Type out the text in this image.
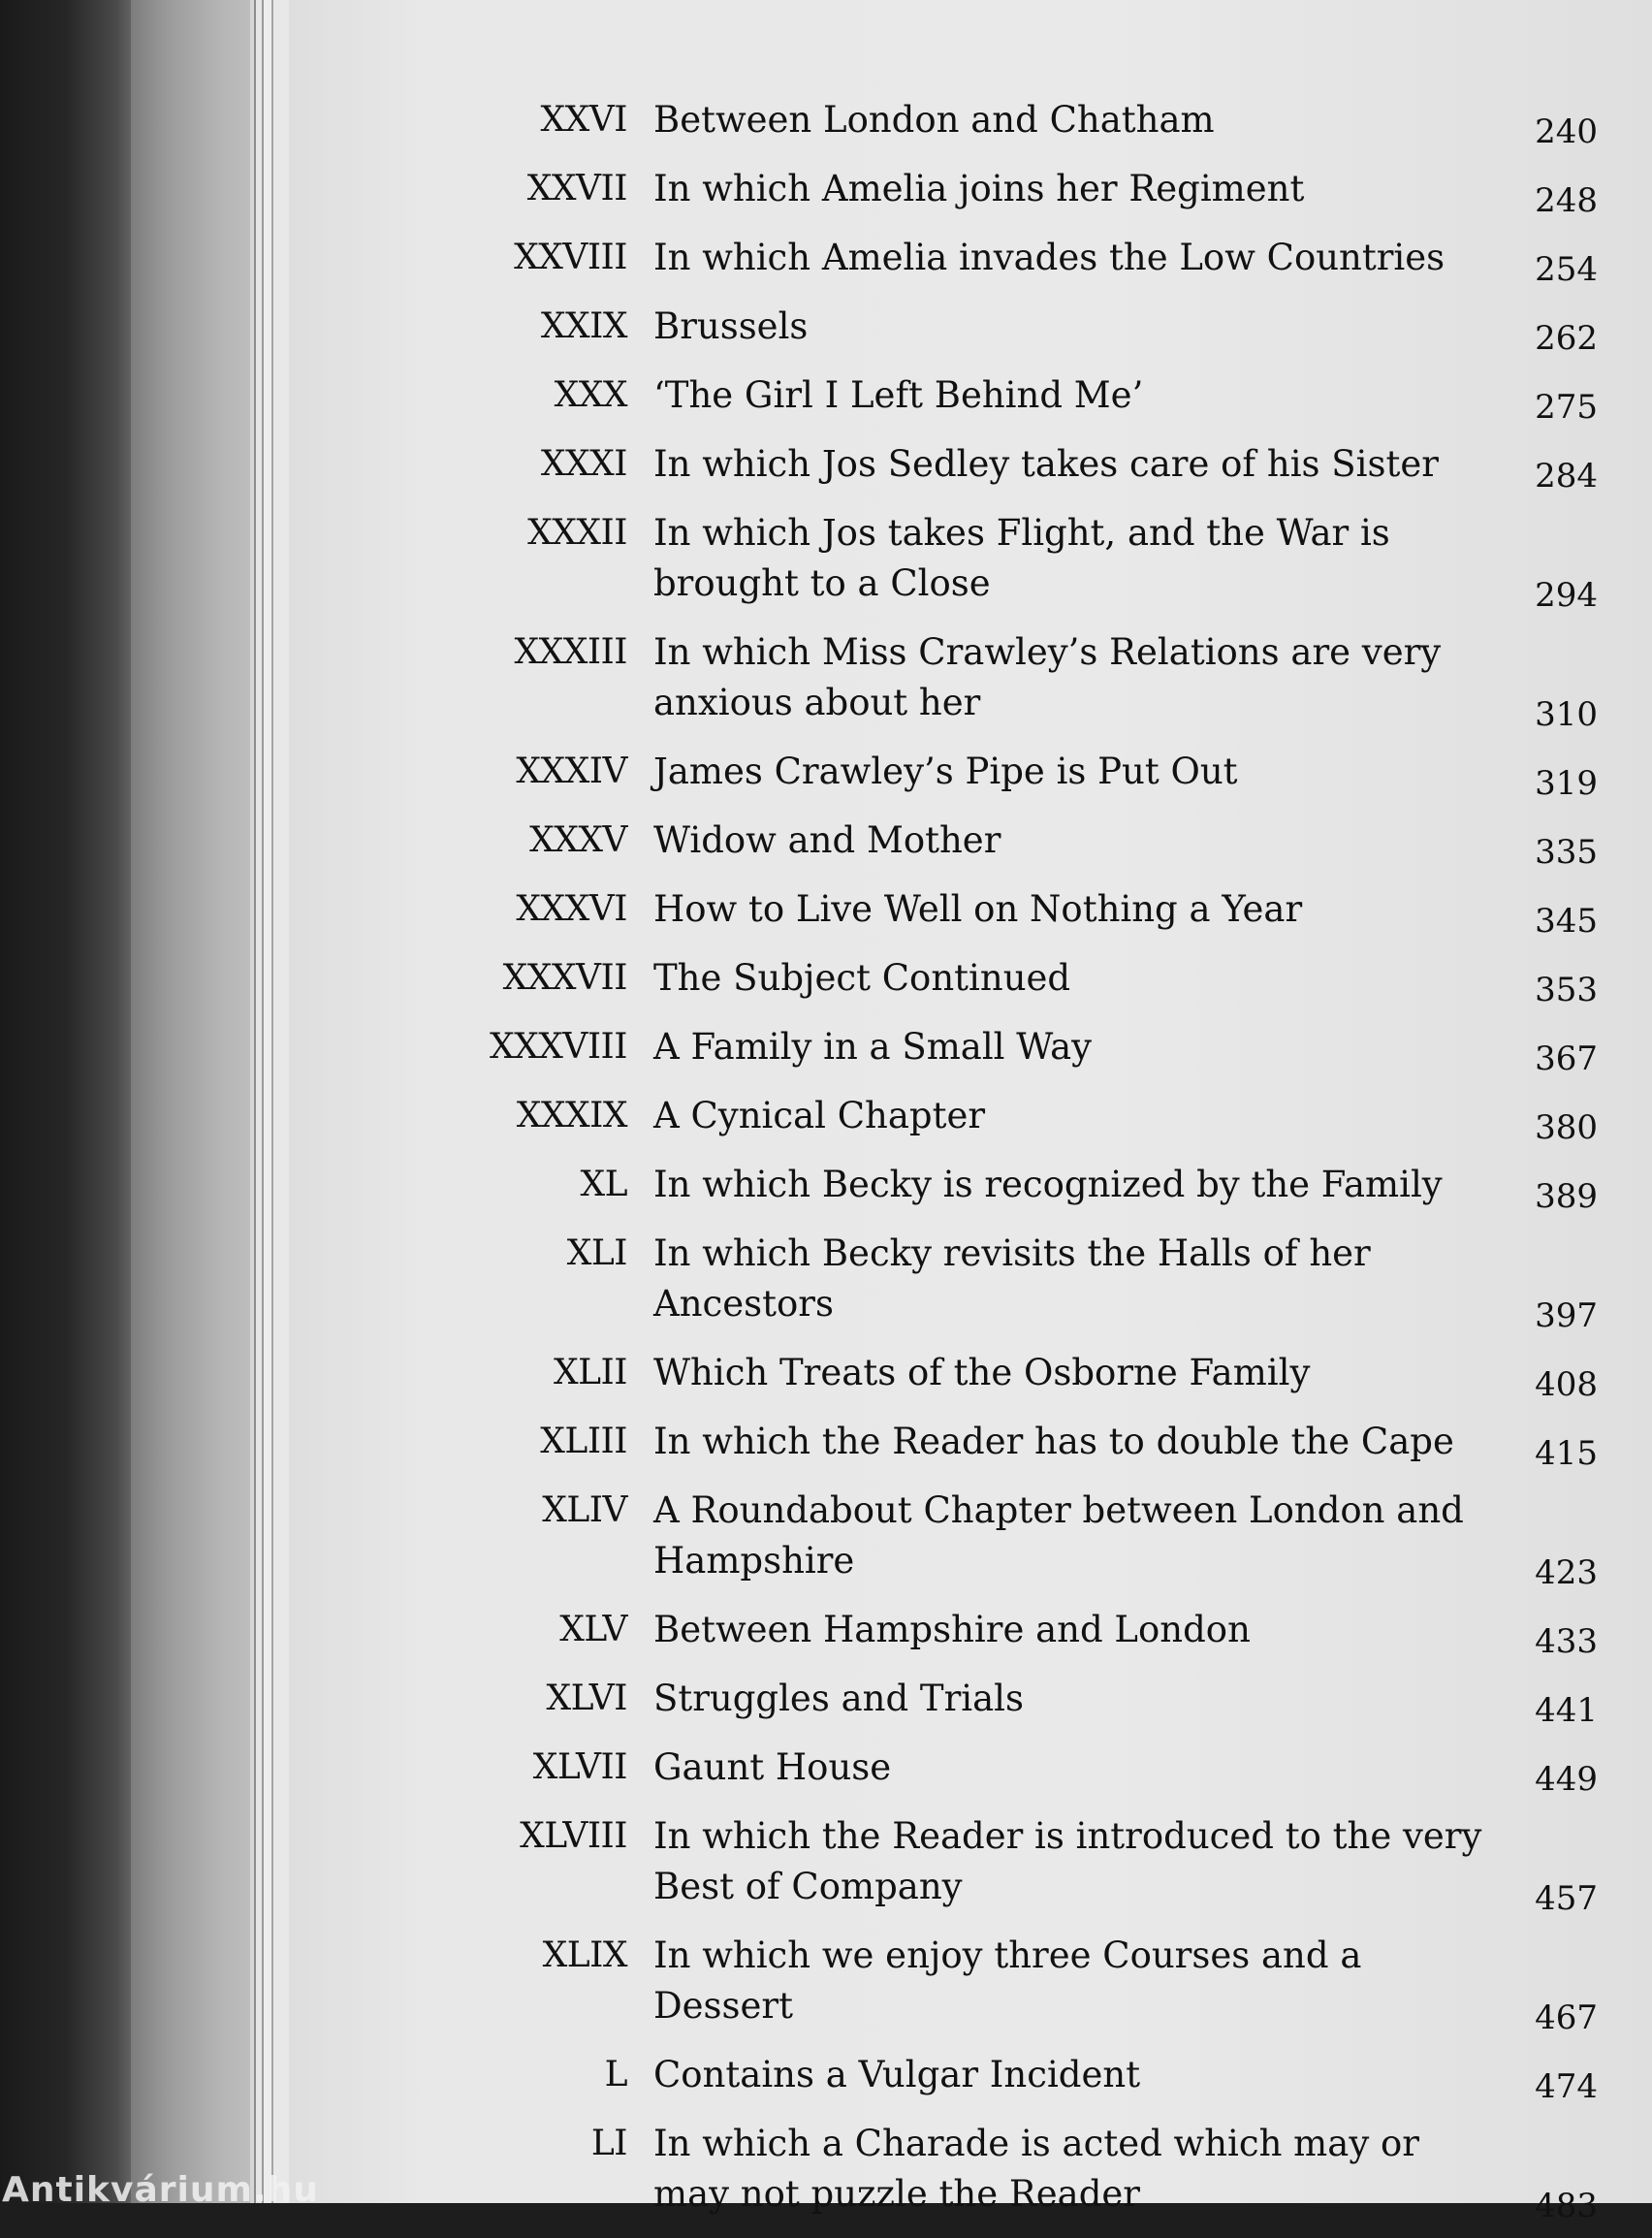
XXVI Between London and Chatham	240
XXVII In which Amelia joins her Regiment	248
XXVIII In which Amelia invades the Low Countries	254
XXIX Brussels	262
XXX ‘The Girl I Left Behind Me’	275
XXXI In which Jos Sedley takes care of his Sister	284
XXXII In which Jos takes Flight, and the War is brought to a Close	294
XXXIII In which Miss Crawley’s Relations are very anxious about her	310
XXXIV James Crawley’s Pipe is Put Out	319
XXXV Widow and Mother	335
XXXVI How to Live Well on Nothing a Year	345
XXXVII The Subject Continued	353
XXXVIII A Family in a Small Way	367
XXXIX A Cynical Chapter	380
XL In which Becky is recognized by the Family	389
XLI In which Becky revisits the Halls of her Ancestors	397
XLII Which Treats of the Osborne Family	408
XLIII In which the Reader has to double the Cape	415
XLIV A Roundabout Chapter between London and Hampshire	423
XLV Between Hampshire and London	433
XLVI Struggles and Trials	441
XLVII Gaunt House	449
XLVIII In which the Reader is introduced to the very Best of Company	457
XLIX In which we enjoy three Courses and a Dessert	467
L Contains a Vulgar Incident	474
LI In which a Charade is acted which may or may not puzzle the Reader	483
Antikvárium.hu
